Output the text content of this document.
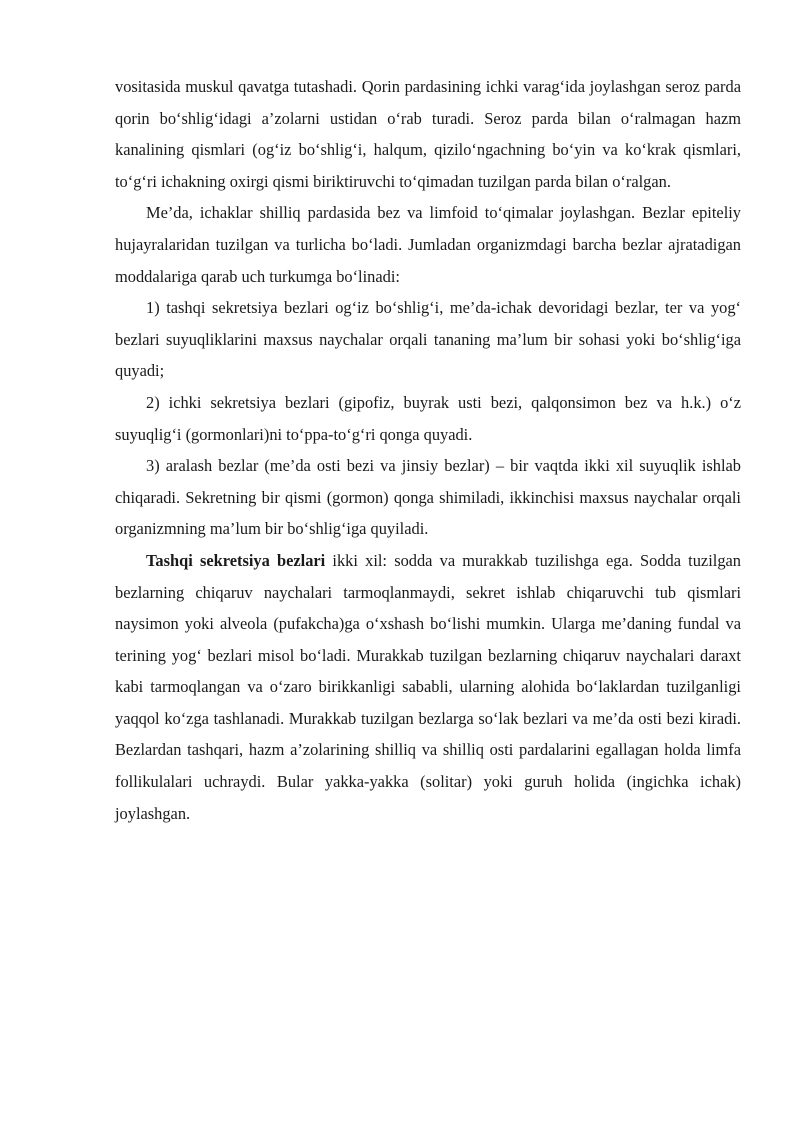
vositasida muskul qavatga tutashadi. Qorin pardasining ichki varag‘ida joylashgan seroz parda qorin bo‘shlig‘idagi a’zolarni ustidan o‘rab turadi. Seroz parda bilan o‘ralmagan hazm kanalining qismlari (og‘iz bo‘shlig‘i, halqum, qizilo‘ngachning bo‘yin va ko‘krak qismlari, to‘g‘ri ichakning oxirgi qismi biriktiruvchi to‘qimadan tuzilgan parda bilan o‘ralgan.

Me’da, ichaklar shilliq pardasida bez va limfoid to‘qimalar joylashgan. Bezlar epiteliy hujayralaridan tuzilgan va turlicha bo‘ladi. Jumladan organizmdagi barcha bezlar ajratadigan moddalariga qarab uch turkumga bo‘linadi:

1) tashqi sekretsiya bezlari og‘iz bo‘shlig‘i, me’da-ichak devoridagi bezlar, ter va yog‘ bezlari suyuqliklarini maxsus naychalar orqali tananing ma’lum bir sohasi yoki bo‘shlig‘iga quyadi;

2) ichki sekretsiya bezlari (gipofiz, buyrak usti bezi, qalqonsimon bez va h.k.) o‘z suyuqlig‘i (gormonlari)ni to‘ppa-to‘g‘ri qonga quyadi.

3) aralash bezlar (me’da osti bezi va jinsiy bezlar) – bir vaqtda ikki xil suyuqlik ishlab chiqaradi. Sekretning bir qismi (gormon) qonga shimiladi, ikkinchisi maxsus naychalar orqali organizmning ma’lum bir bo‘shlig‘iga quyiladi.

Tashqi sekretsiya bezlari ikki xil: sodda va murakkab tuzilishga ega. Sodda tuzilgan bezlarning chiqaruv naychalari tarmoqlanmaydi, sekret ishlab chiqaruvchi tub qismlari naysimon yoki alveola (pufakcha)ga o‘xshash bo‘lishi mumkin. Ularga me’daning fundal va terining yog‘ bezlari misol bo‘ladi. Murakkab tuzilgan bezlarning chiqaruv naychalari daraxt kabi tarmoqlangan va o‘zaro birikkanligi sababli, ularning alohida bo‘laklardan tuzilganligi yaqqol ko‘zga tashlanadi. Murakkab tuzilgan bezlarga so‘lak bezlari va me’da osti bezi kiradi. Bezlardan tashqari, hazm a’zolarining shilliq va shilliq osti pardalarini egallagan holda limfa follikulalari uchraydi. Bular yakka-yakka (solitar) yoki guruh holida (ingichka ichak) joylashgan.
